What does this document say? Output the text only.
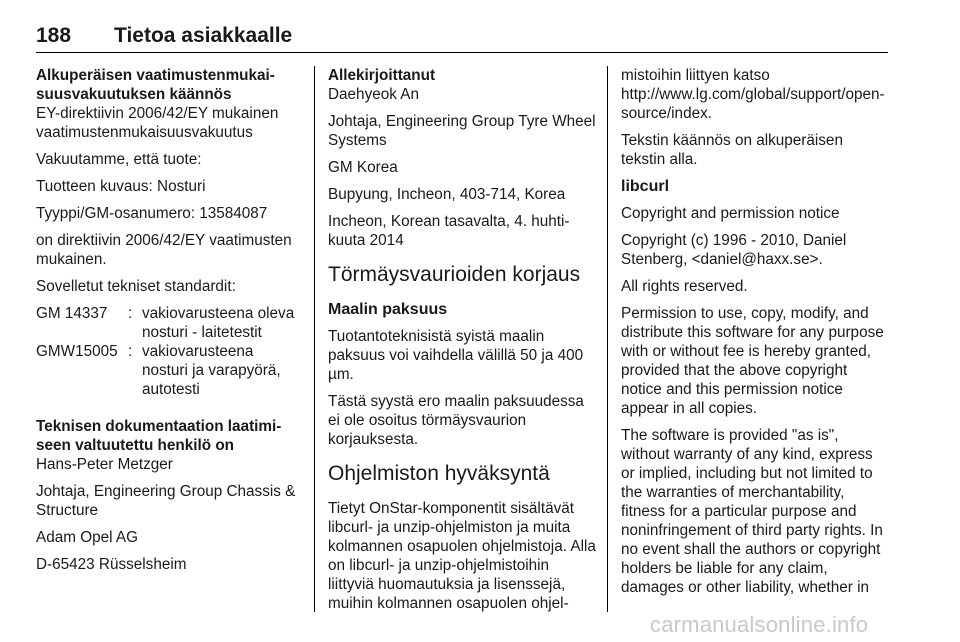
188 Tietoa asiakkaalle
Alkuperäisen vaatimustenmukaisuusvakuutuksen käännös

EY-direktiivin 2006/42/EY mukainen vaatimustenmukaisuusvakuutus

Vakuutamme, että tuote:

Tuotteen kuvaus: Nosturi

Tyyppi/GM-osanumero: 13584087

on direktiivin 2006/42/EY vaatimusten mukainen.

Sovelletut tekniset standardit:

GM 14337	: vakiovarusteena oleva nosturi - laitetestit
GMW15005 : vakiovarusteena nosturi ja varapyörä, autotesti
Teknisen dokumentaation laatimiseen valtuutettu henkilö on

Hans-Peter Metzger

Johtaja, Engineering Group Chassis & Structure

Adam Opel AG

D-65423 Rüsselsheim

Allekirjoittanut

Daehyeok An

Johtaja, Engineering Group Tyre Wheel Systems

GM Korea

Bupyung, Incheon, 403-714, Korea

Incheon, Korean tasavalta, 4. huhtikuuta 2014

Törmäysvaurioiden korjaus
Maalin paksuus

Tuotantoteknisistä syistä maalin paksuus voi vaihdella välillä 50 ja 400 µm.

Tästä syystä ero maalin paksuudessa ei ole osoitus törmäysvaurion korjauksesta.

Ohjelmiston hyväksyntä

Tietyt OnStar-komponentit sisältävät libcurl- ja unzip-ohjelmiston ja muita kolmannen osapuolen ohjelmistoja. Alla on libcurl- ja unzip-ohjelmistoihin liittyviä huomautuksia ja lisenssejä, muihin kolmannen osapuolen ohjel-

mistoihin liittyen katso http://www.lg.com/global/support/open-source/index.

Tekstin käännös on alkuperäisen tekstin alla.

libcurl

Copyright and permission notice

Copyright (c) 1996 - 2010, Daniel Stenberg, <daniel@haxx.se>.

All rights reserved.

Permission to use, copy, modify, and distribute this software for any purpose with or without fee is hereby granted, provided that the above copyright notice and this permission notice appear in all copies.

The software is provided "as is", without warranty of any kind, express or implied, including but not limited to the warranties of merchantability, fitness for a particular purpose and noninfringement of third party rights. In no event shall the authors or copyright holders be liable for any claim, damages or other liability, whether in

carmanualsonline.info
